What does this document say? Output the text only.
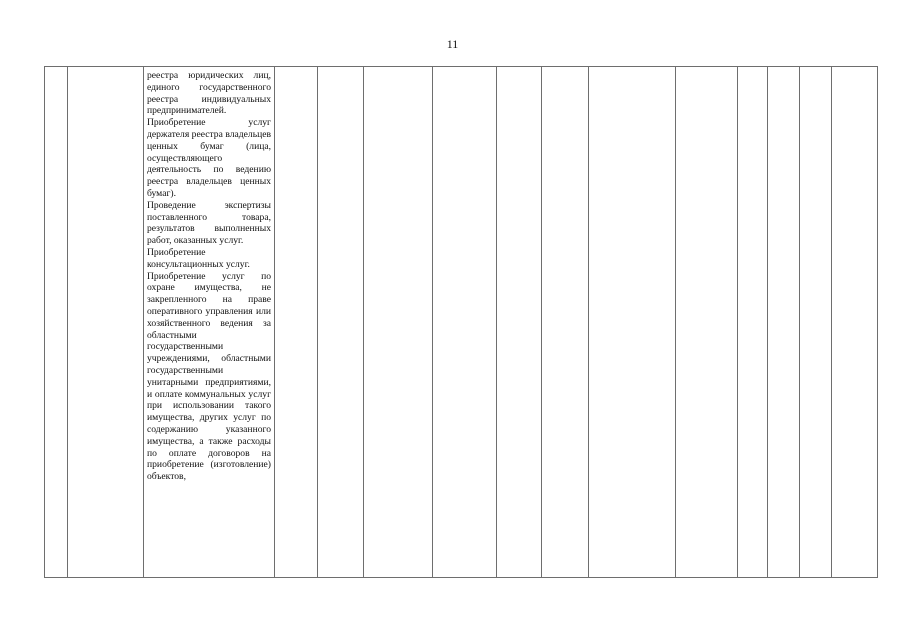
11

реестра юридических лиц, единого государственного реестра индивидуальных предпринимателей.

Приобретение услуг держателя реестра владельцев ценных бумаг (лица, осуществляющего деятельность по ведению реестра владельцев ценных бумаг).

Проведение экспертизы поставленного товара, результатов выполненных работ, оказанных услуг.

Приобретение консультационных услуг.

Приобретение услуг по охране имущества, не закрепленного на праве оперативного управления или хозяйственного ведения за областными государственными учреждениями, областными государственными унитарными предприятиями, и оплате коммунальных услуг при использовании такого имущества, других услуг по содержанию указанного имущества, а также расходы по оплате договоров на приобретение (изготовление) объектов,
